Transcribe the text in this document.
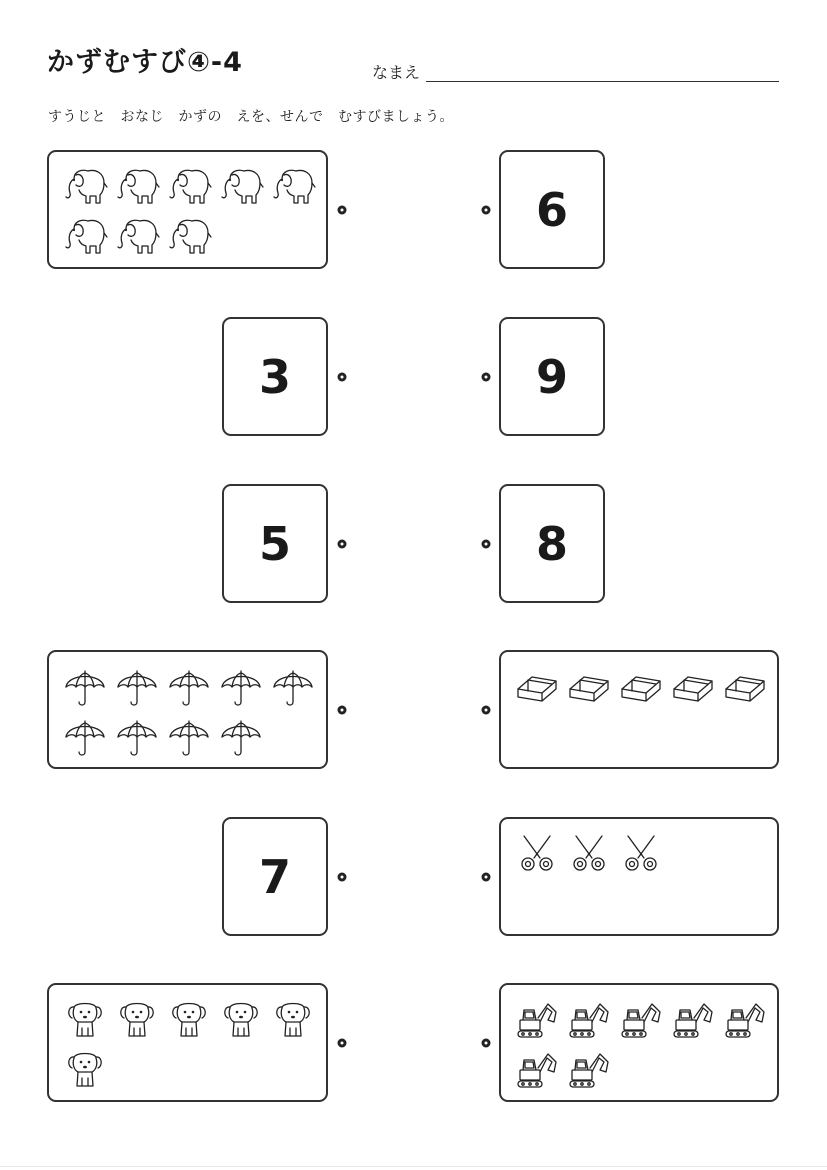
かずむすび④-4	なまえ
すうじと　おなじ　かずの　えを、せんで　むすびましょう。
3
5
7
6
9
8
